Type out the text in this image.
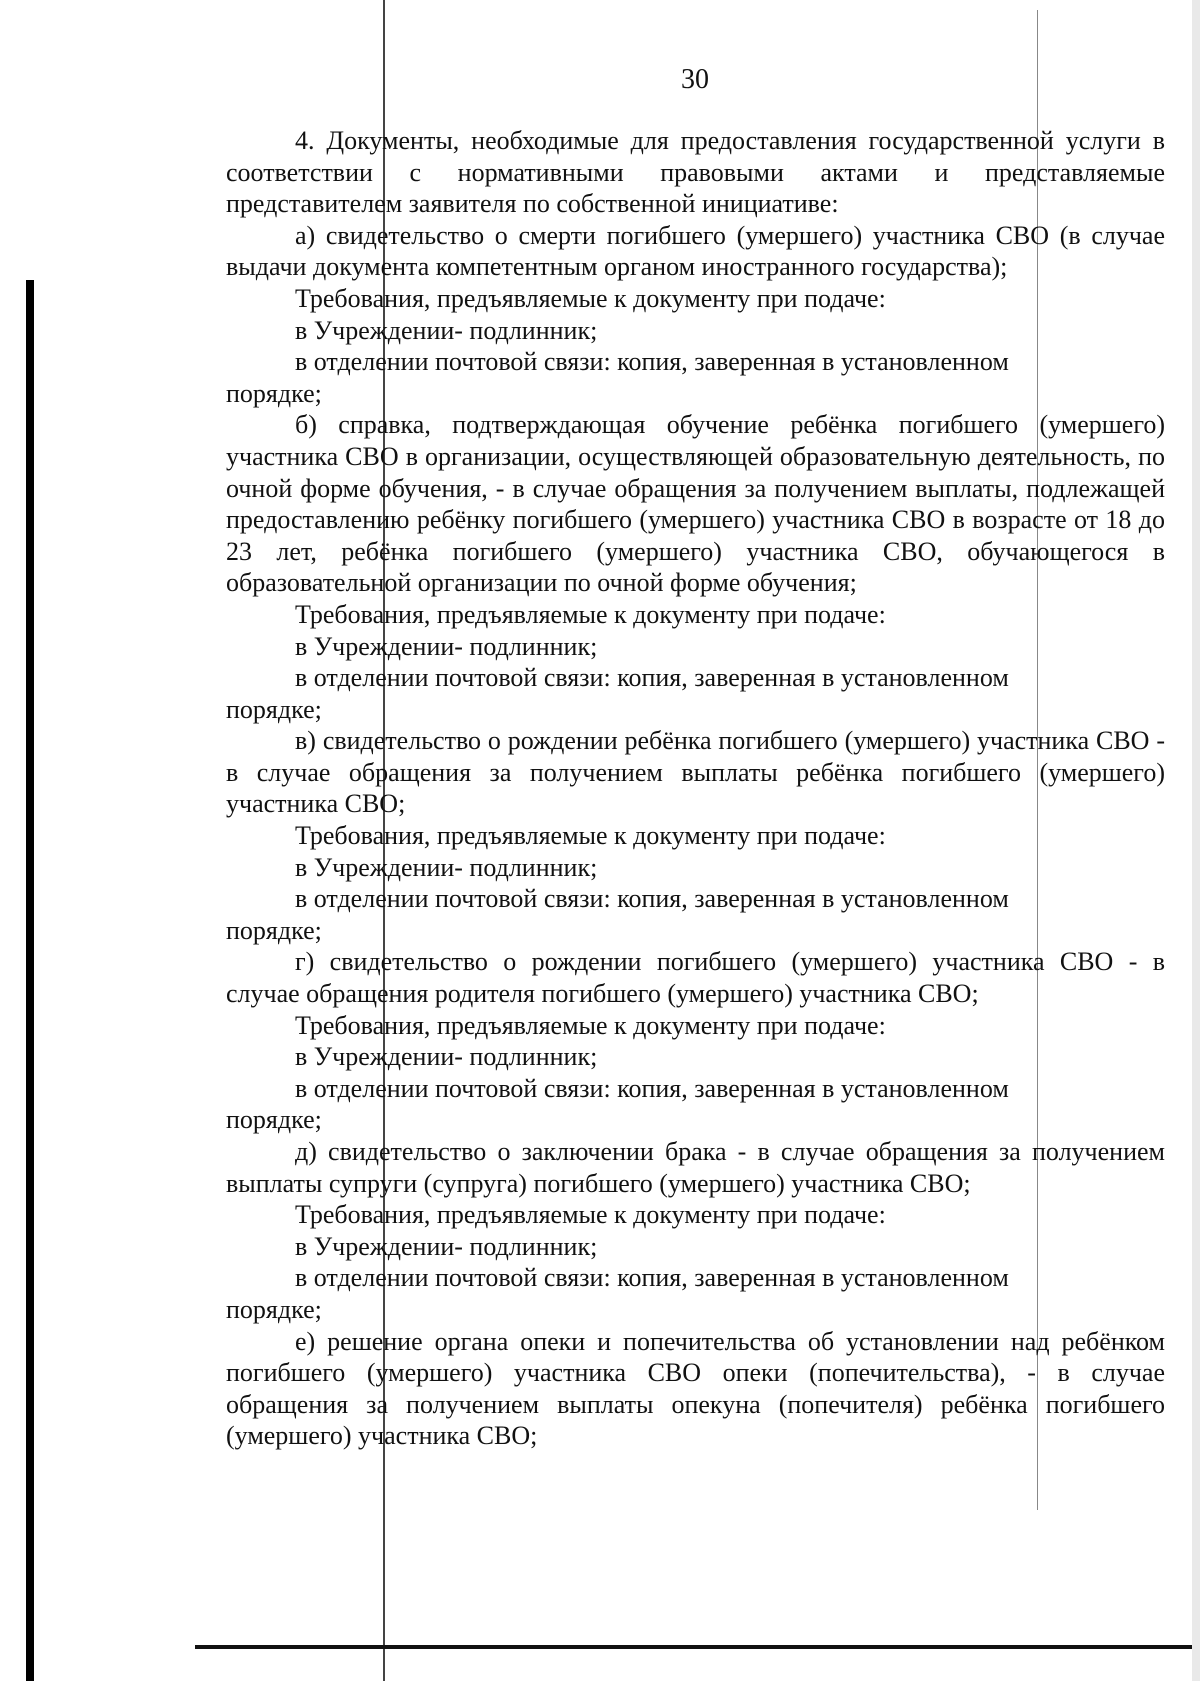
30

4. Документы, необходимые для предоставления государственной услуги в соответствии с нормативными правовыми актами и представляемые представителем заявителя по собственной инициативе:

а) свидетельство о смерти погибшего (умершего) участника СВО (в случае выдачи документа компетентным органом иностранного государства);

Требования, предъявляемые к документу при подаче:

в Учреждении- подлинник;

в отделении почтовой связи: копия, заверенная в установленном

порядке;

б) справка, подтверждающая обучение ребёнка погибшего (умершего) участника СВО в организации, осуществляющей образовательную деятельность, по очной форме обучения, - в случае обращения за получением выплаты, подлежащей предоставлению ребёнку погибшего (умершего) участника СВО в возрасте от 18 до 23 лет, ребёнка погибшего (умершего) участника СВО, обучающегося в образовательной организации по очной форме обучения;

Требования, предъявляемые к документу при подаче:

в Учреждении- подлинник;

в отделении почтовой связи: копия, заверенная в установленном

порядке;

в) свидетельство о рождении ребёнка погибшего (умершего) участника СВО - в случае обращения за получением выплаты ребёнка погибшего (умершего) участника СВО;

Требования, предъявляемые к документу при подаче:

в Учреждении- подлинник;

в отделении почтовой связи: копия, заверенная в установленном

порядке;

г) свидетельство о рождении погибшего (умершего) участника СВО - в случае обращения родителя погибшего (умершего) участника СВО;

Требования, предъявляемые к документу при подаче:

в Учреждении- подлинник;

в отделении почтовой связи: копия, заверенная в установленном

порядке;

д) свидетельство о заключении брака - в случае обращения за получением выплаты супруги (супруга) погибшего (умершего) участника СВО;

Требования, предъявляемые к документу при подаче:

в Учреждении- подлинник;

в отделении почтовой связи: копия, заверенная в установленном

порядке;

е) решение органа опеки и попечительства об установлении над ребёнком погибшего (умершего) участника СВО опеки (попечительства), - в случае обращения за получением выплаты опекуна (попечителя) ребёнка погибшего (умершего) участника СВО;
